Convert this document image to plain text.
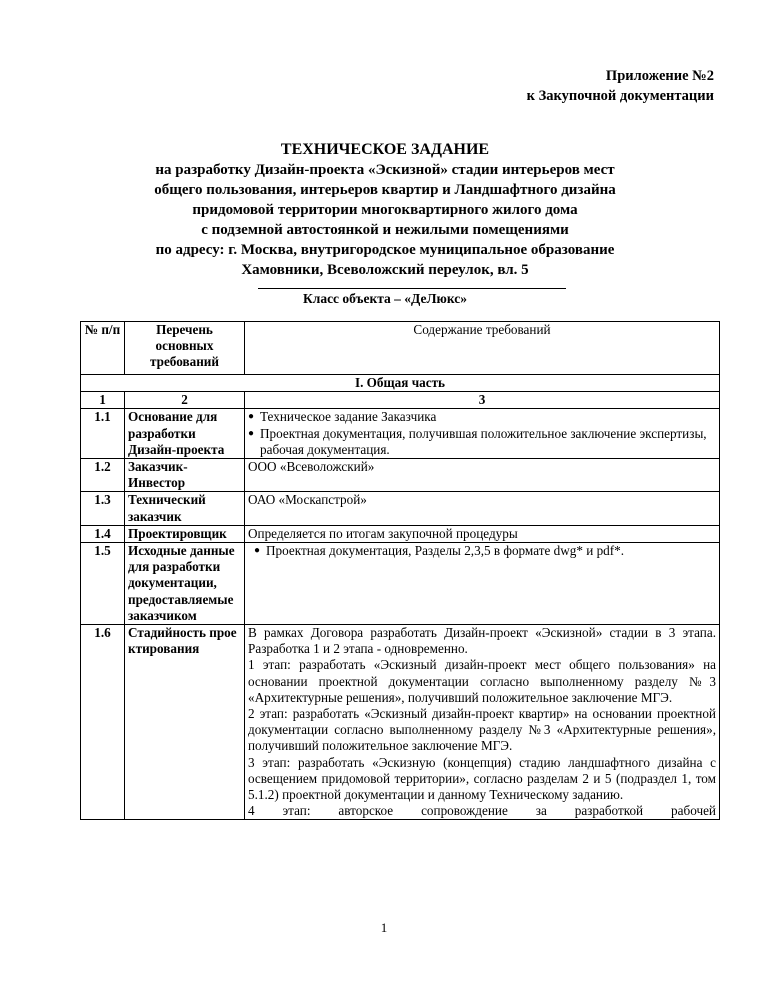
Приложение №2
к Закупочной документации
ТЕХНИЧЕСКОЕ ЗАДАНИЕ
на разработку Дизайн-проекта «Эскизной» стадии интерьеров мест
общего пользования, интерьеров квартир и Ландшафтного дизайна
придомовой территории многоквартирного жилого дома
с подземной автостоянкой и нежилыми помещениями
по адресу: г. Москва, внутригородское муниципальное образование
Хамовники, Всеволожский переулок, вл. 5
Класс объекта – «ДеЛюкс»
№ п/п	Перечень основных требований	Содержание требований
I. Общая часть		
1	2	3
1.1	Основание для разработки Дизайн-проекта	● Техническое задание Заказчика
● Проектная документация, получившая положительное заключение экспертизы, рабочая документация.

1.2	Заказчик-Инвестор	ООО «Всеволожский»
1.3	Технический заказчик	ОАО «Москапстрой»
1.4	Проектировщик	Определяется по итогам закупочной процедуры
1.5	Исходные данные для разработки документации, предоставляемые заказчиком	● Проектная документация, Разделы 2,3,5 в формате dwg* и pdf*.

1.6	Стадийность проектирования	В рамках Договора разработать Дизайн-проект «Эскизной» стадии в 3 этапа. Разработка 1 и 2 этапа - одновременно.
1 этап: разработать «Эскизный дизайн-проект мест общего пользования» на основании проектной документации согласно выполненному разделу №3 «Архитектурные решения», получивший положительное заключение МГЭ.
2 этап: разработать «Эскизный дизайн-проект квартир» на основании проектной документации согласно выполненному разделу №3 «Архитектурные решения», получивший положительное заключение МГЭ.
3 этап: разработать «Эскизную (концепция) стадию ландшафтного дизайна с освещением придомовой территории», согласно разделам 2 и 5 (подраздел 1, том 5.1.2) проектной документации и данному Техническому заданию.
4 этап: авторское сопровождение за разработкой рабочей
1
